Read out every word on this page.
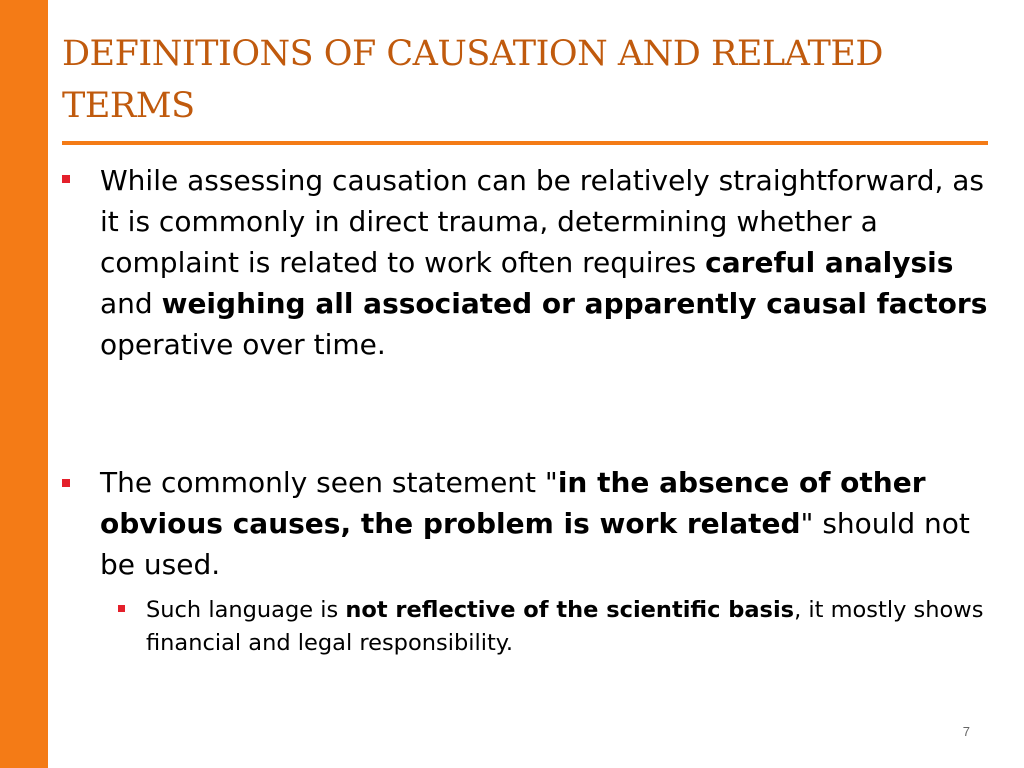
DEFINITIONS OF CAUSATION AND RELATED TERMS

While assessing causation can be relatively straightforward, as it is commonly in direct trauma, determining whether a complaint is related to work often requires careful analysis and weighing all associated or apparently causal factors operative over time.

The commonly seen statement "in the absence of other obvious causes, the problem is work related" should not be used.

Such language is not reflective of the scientific basis, it mostly shows financial and legal responsibility.

7
